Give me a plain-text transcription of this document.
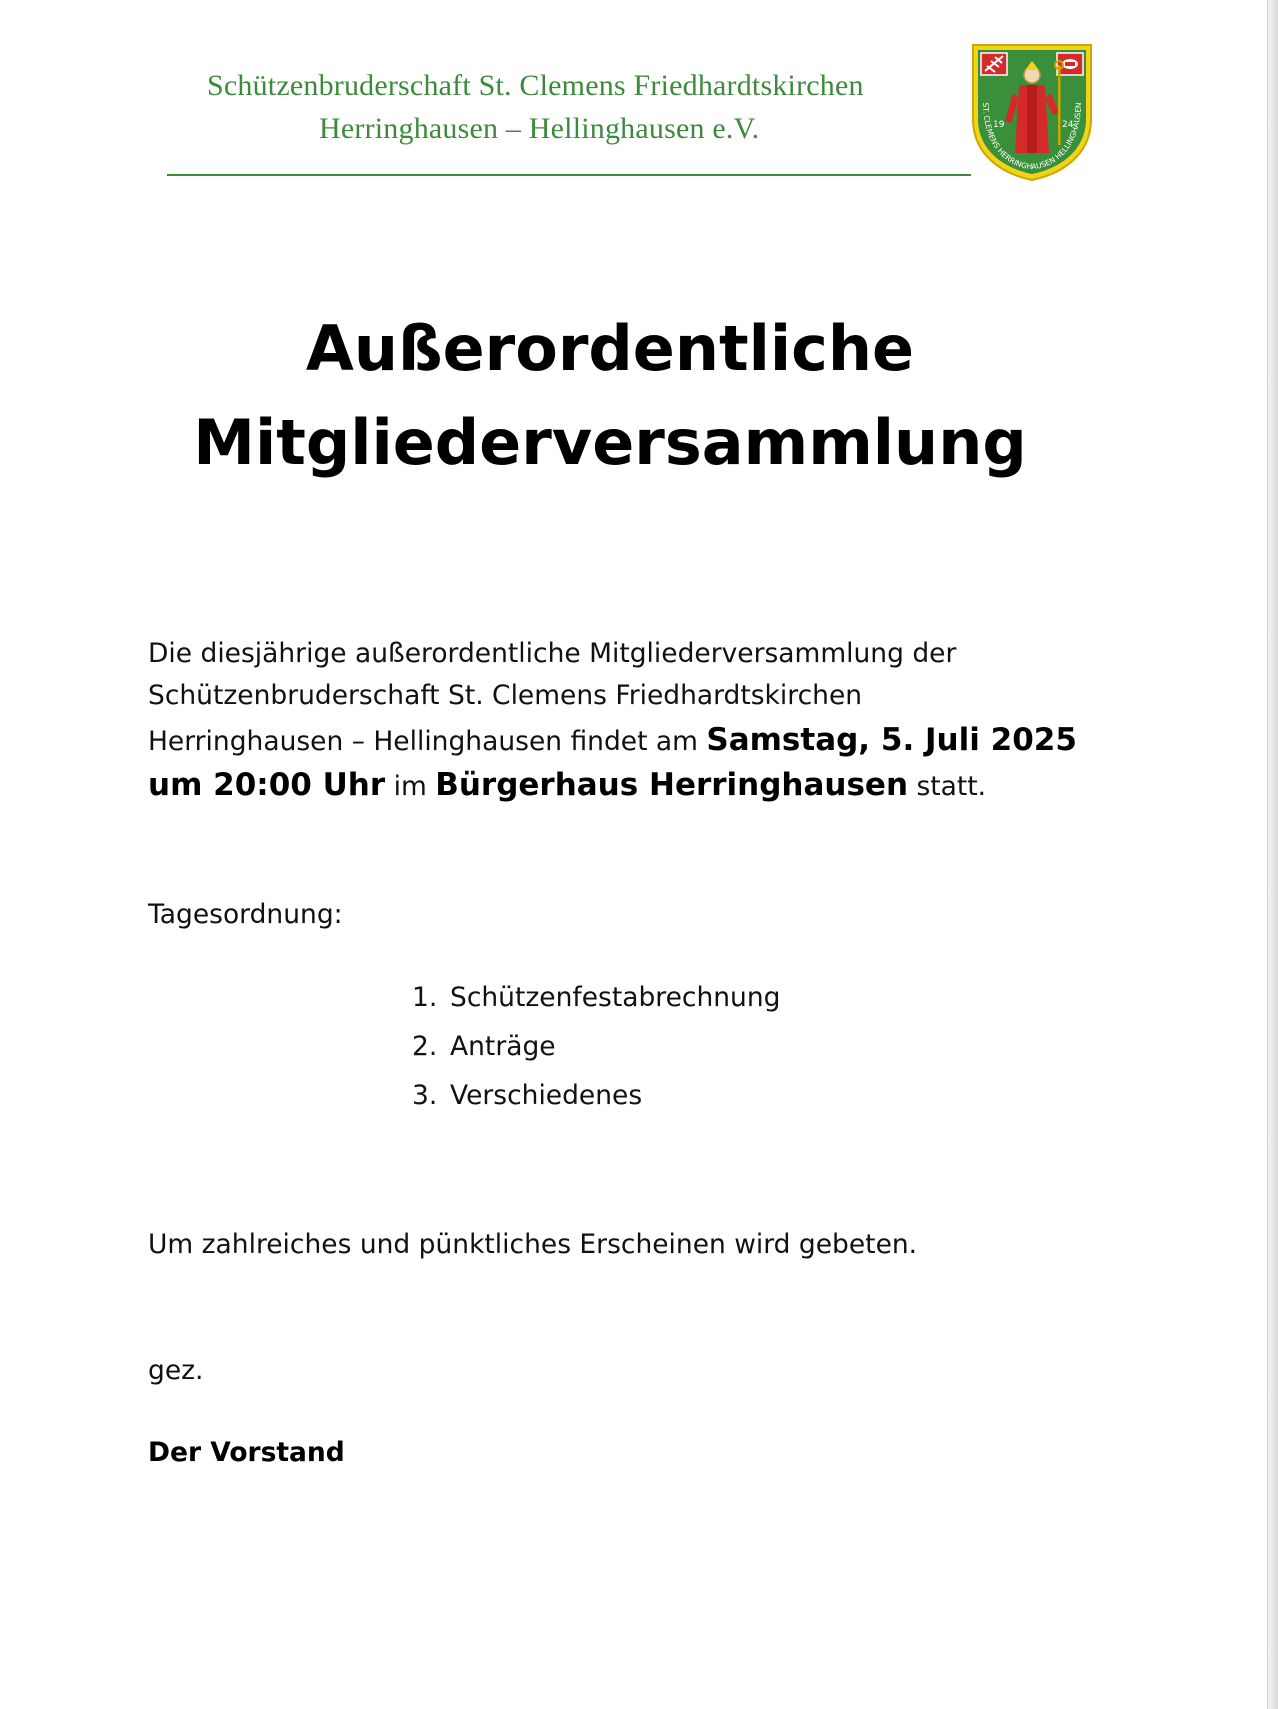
Schützenbruderschaft St. Clemens Friedhardtskirchen
Herringhausen – Hellinghausen e.V.	19	24
ST. CLEMENS HERRINGHAUSEN HELLINGHAUSEN
Außerordentliche
Mitgliederversammlung
Die diesjährige außerordentliche Mitgliederversammlung der
Schützenbruderschaft St. Clemens Friedhardtskirchen
Herringhausen – Hellinghausen findet am Samstag, 5. Juli 2025
um 20:00 Uhr im Bürgerhaus Herringhausen statt.
Tagesordnung:
1. Schützenfestabrechnung
2. Anträge
3. Verschiedenes
Um zahlreiches und pünktliches Erscheinen wird gebeten.
gez.
Der Vorstand
